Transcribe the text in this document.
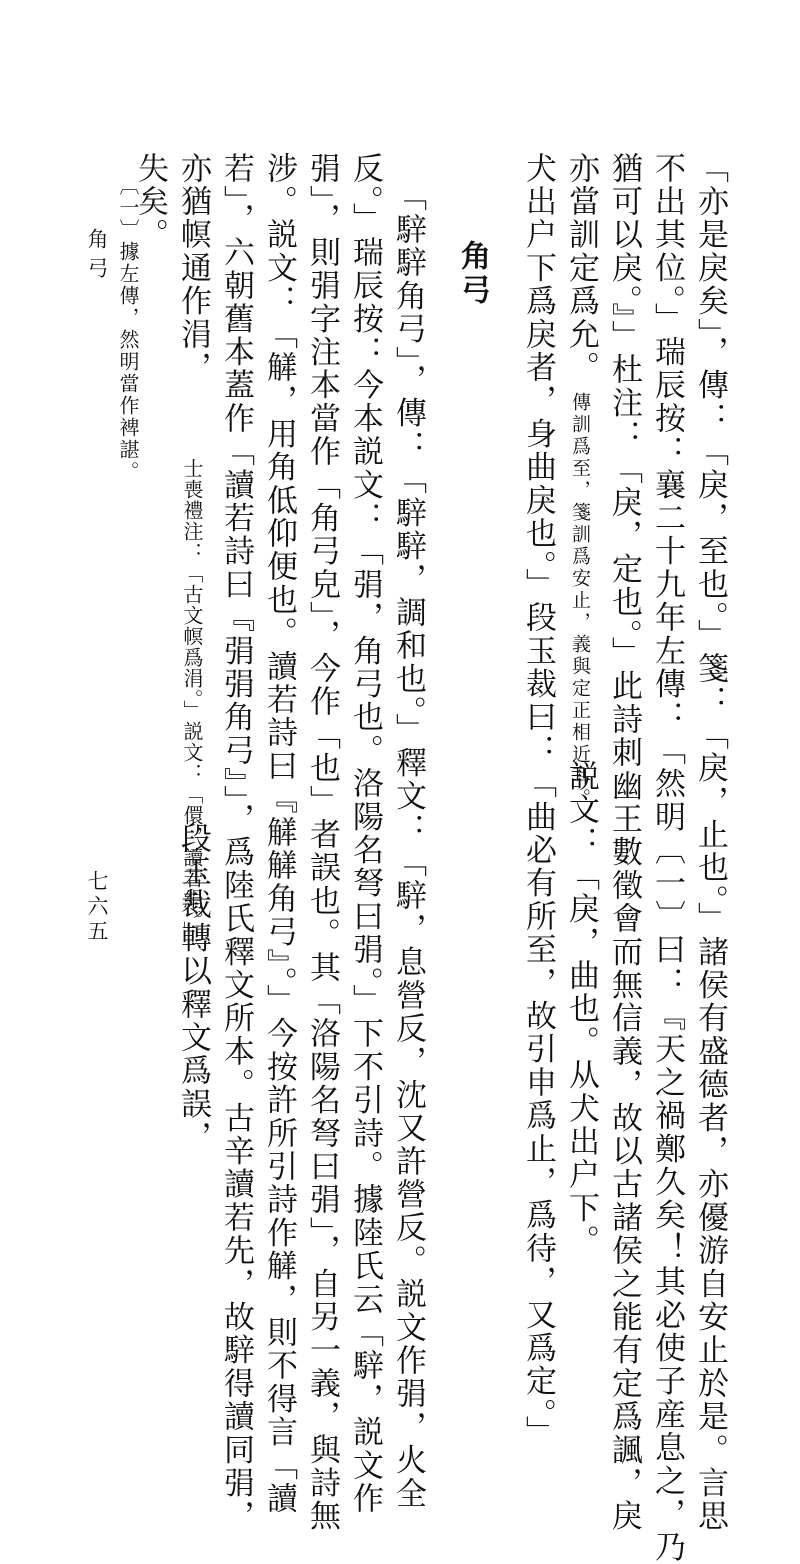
「亦是戾矣」，傳：「戾，至也。」箋：「戾，止也。」諸侯有盛德者，亦優游自安止於是。言思
不出其位。」瑞辰按：襄二十九年左傳：「然明〔一〕曰：『天之禍鄭久矣！其必使子産息之，乃
猶可以戾。』」杜注：「戾，定也。」此詩刺幽王數徵會而無信義，故以古諸侯之能有定爲諷，戾
亦當訓定爲允。
傳訓爲至，箋訓爲安止，義與定正相近耳。
説文：「戾，曲也。从犬出户下。
犬出户下爲戾者，身曲戾也。」段玉裁曰：「曲必有所至，故引申爲止，爲待，又爲定。」
角弓
「騂騂角弓」，傳：「騂騂，調和也。」釋文：「騂，息營反，沈又許營反。説文作弲，火全
反。」瑞辰按：今本説文：「弲，角弓也。洛陽名弩曰弲。」下不引詩。據陸氏云「騂，説文作
弲」，則弲字注本當作「角弓皃」，今作「也」者誤也。其「洛陽名弩曰弲」，自另一義，與詩無
涉。説文：「觲，用角低仰便也。讀若詩曰『觲觲角弓』。」今按許所引詩作觲，則不得言「讀
若」，六朝舊本蓋作「讀若詩曰『弲弲角弓』」，爲陸氏釋文所本。古辛讀若先，故騂得讀同弲，
亦猶幎通作涓，
士喪禮注：「古文幎爲涓。」説文：「儇，讀若絹。」
段玉裁轉以釋文爲誤，
失矣。
〔一〕據左傳，然明當作裨諶。
角弓
七六五
